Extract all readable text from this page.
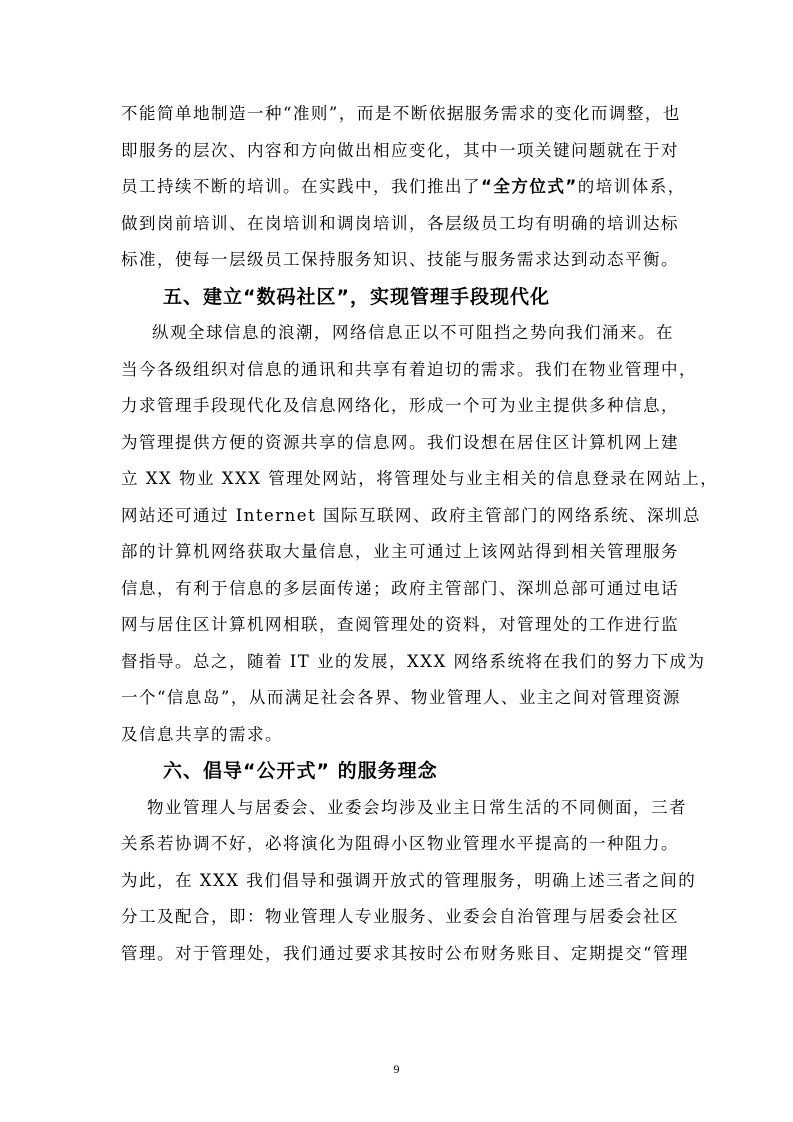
不能简单地制造一种“准则”，而是不断依据服务需求的变化而调整，也
即服务的层次、内容和方向做出相应变化，其中一项关键问题就在于对
员工持续不断的培训。在实践中，我们推出了“全方位式”的培训体系，
做到岗前培训、在岗培训和调岗培训，各层级员工均有明确的培训达标
标准，使每一层级员工保持服务知识、技能与服务需求达到动态平衡。
五、建立“数码社区”，实现管理手段现代化
纵观全球信息的浪潮，网络信息正以不可阻挡之势向我们涌来。在
当今各级组织对信息的通讯和共享有着迫切的需求。我们在物业管理中，
力求管理手段现代化及信息网络化，形成一个可为业主提供多种信息，
为管理提供方便的资源共享的信息网。我们设想在居住区计算机网上建
立 XX 物业 XXX 管理处网站，将管理处与业主相关的信息登录在网站上，
网站还可通过 Internet 国际互联网、政府主管部门的网络系统、深圳总
部的计算机网络获取大量信息，业主可通过上该网站得到相关管理服务
信息，有利于信息的多层面传递；政府主管部门、深圳总部可通过电话
网与居住区计算机网相联，查阅管理处的资料，对管理处的工作进行监
督指导。总之，随着 IT 业的发展，XXX 网络系统将在我们的努力下成为
一个“信息岛”，从而满足社会各界、物业管理人、业主之间对管理资源
及信息共享的需求。
六、倡导“公开式” 的服务理念
物业管理人与居委会、业委会均涉及业主日常生活的不同侧面，三者
关系若协调不好，必将演化为阻碍小区物业管理水平提高的一种阻力。
为此，在 XXX 我们倡导和强调开放式的管理服务，明确上述三者之间的
分工及配合，即：物业管理人专业服务、业委会自治管理与居委会社区
管理。对于管理处，我们通过要求其按时公布财务账目、定期提交“管理
9
